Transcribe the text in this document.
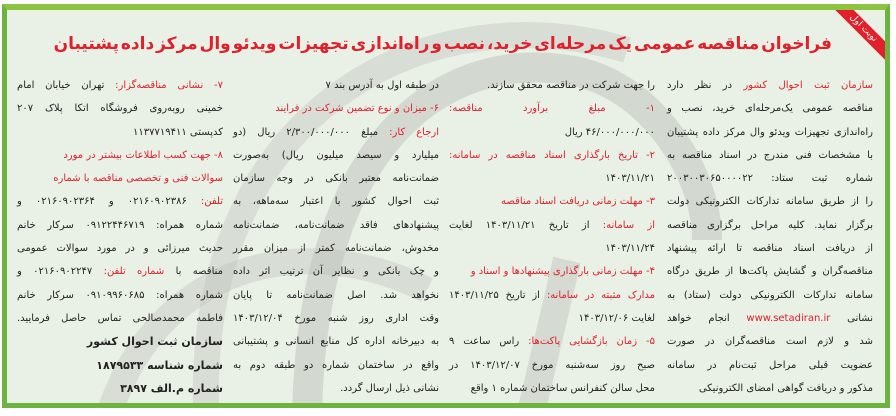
نوبت اول
فراخوان مناقصه عمومی یک مرحله‌ای خرید، نصب و راه‌اندازی تجهیزات ویدئو وال مرکز داده پشتیبان
سازمان ثبت احوال کشور در نظر دارد
مناقصه عمومی یک‌مرحله‌ای خرید، نصب و
راه‌اندازی تجهیزات ویدئو وال مرکز داده پشتیبان
با مشخصات فنی مندرج در اسناد مناقصه به
شماره ثبت ستاد: ۲۰۰۳۰۰۳۰۶۵۰۰۰۰۲۲
را از طریق سامانه تدارکات الکترونیکی دولت
برگزار نماید. کلیه مراحل برگزاری مناقصه
از دریافت اسناد مناقصه تا ارائه پیشنهاد
مناقصه‌گران و گشایش پاکت‌ها از طریق درگاه
سامانه تدارکات الکترونیکی دولت (ستاد) به
نشانی www.setadiran.ir انجام خواهد
شد و لازم است مناقصه‌گران در صورت
عضویت قبلی مراحل ثبت‌نام در سامانه
مذکور و دریافت گواهی امضای الکترونیکی
را جهت شرکت در مناقصه محقق سازند.
۱- مبلغ برآورد مناقصه:
۴۶/۰۰۰/۰۰۰/۰۰۰ ریال
۲- تاریخ بارگذاری اسناد مناقصه در سامانه:
۱۴۰۳/۱۱/۲۱
۳- مهلت زمانی دریافت اسناد مناقصه
از سامانه: از تاریخ ۱۴۰۳/۱۱/۲۱ لغایت
۱۴۰۳/۱۱/۲۴
۴- مهلت زمانی بارگذاری پیشنهادها و اسناد و
مدارک مثبته در سامانه: از تاریخ ۱۴۰۳/۱۱/۲۵
لغایت ۱۴۰۳/۱۲/۰۶
۵- زمان بازگشایی پاکت‌ها: راس ساعت ۹
صبح روز سه‌شنبه مورخ ۱۴۰۳/۱۲/۰۷ در
محل سالن کنفرانس ساختمان شماره ۱ واقع
در طبقه اول به آدرس بند ۷
۶- میزان و نوع تضمین شرکت در فرایند
ارجاع کار: مبلغ ۲/۳۰۰/۰۰۰/۰۰۰ ریال (دو
میلیارد و سیصد میلیون ریال) به‌صورت
ضمانت‌نامه معتبر بانکی در وجه سازمان
ثبت احوال کشور با اعتبار سه‌ماهه، به
پیشنهادهای فاقد ضمانت‌نامه، ضمانت‌نامه
مخدوش، ضمانت‌نامه کمتر از میزان مقرر
و چک بانکی و نظایر آن ترتیب اثر داده
نخواهد شد. اصل ضمانت‌نامه تا پایان
وقت اداری روز شنبه مورخ ۱۴۰۳/۱۲/۰۴
به دبیرخانه اداره کل منابع انسانی و پشتیبانی
واقع در ساختمان شماره دو طبقه دوم به
نشانی ذیل ارسال گردد.
۷- نشانی مناقصه‌گزار: تهران خیابان امام
خمینی روبه‌روی فروشگاه اتکا پلاک ۲۰۷
کدپستی ۱۱۳۷۷۱۹۴۱۱
۸- جهت کسب اطلاعات بیشتر در مورد
سوالات فنی و تخصصی مناقصه با شماره
تلفن: ۰۲۱۶۰۹۰۲۳۸۶ و ۰۲۱۶۰۹۰۲۳۶۴ و
شماره همراه: ۰۹۱۲۲۴۴۶۷۱۹ سرکار خانم
حدیث میرزائی و در مورد سوالات عمومی
مناقصه با شماره تلفن: ۰۲۱۶۰۹۰۲۲۴۷ و
شماره همراه: ۰۹۱۰۹۹۶۰۶۸۵ سرکار خانم
فاطمه محمدصالحی تماس حاصل فرمایید.
سازمان ثبت احوال کشور
شماره شناسه ۱۸۷۹۵۳۳
شماره م.الف ۳۸۹۷
